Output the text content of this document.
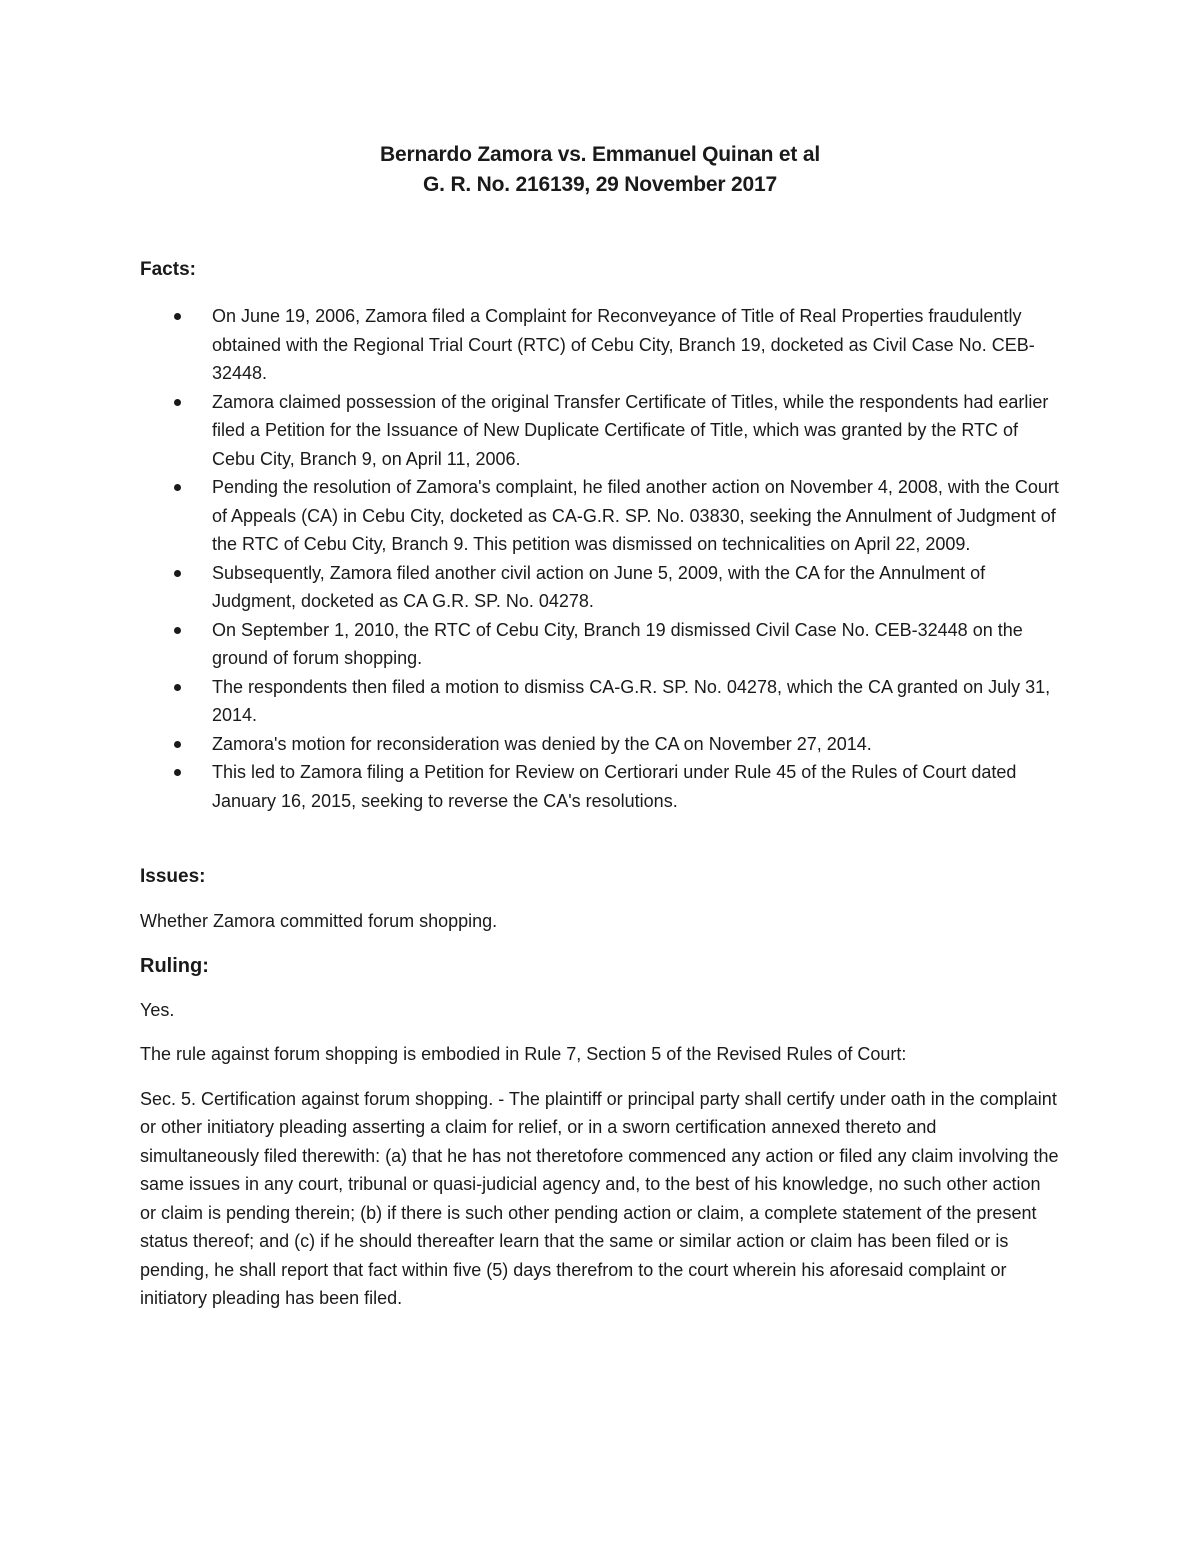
Bernardo Zamora vs. Emmanuel Quinan et al

G. R. No. 216139, 29 November 2017

Facts:

On June 19, 2006, Zamora filed a Complaint for Reconveyance of Title of Real Properties fraudulently obtained with the Regional Trial Court (RTC) of Cebu City, Branch 19, docketed as Civil Case No. CEB-32448.
Zamora claimed possession of the original Transfer Certificate of Titles, while the respondents had earlier filed a Petition for the Issuance of New Duplicate Certificate of Title, which was granted by the RTC of Cebu City, Branch 9, on April 11, 2006.
Pending the resolution of Zamora's complaint, he filed another action on November 4, 2008, with the Court of Appeals (CA) in Cebu City, docketed as CA-G.R. SP. No. 03830, seeking the Annulment of Judgment of the RTC of Cebu City, Branch 9. This petition was dismissed on technicalities on April 22, 2009.
Subsequently, Zamora filed another civil action on June 5, 2009, with the CA for the Annulment of Judgment, docketed as CA G.R. SP. No. 04278.
On September 1, 2010, the RTC of Cebu City, Branch 19 dismissed Civil Case No. CEB-32448 on the ground of forum shopping.
The respondents then filed a motion to dismiss CA-G.R. SP. No. 04278, which the CA granted on July 31, 2014.
Zamora's motion for reconsideration was denied by the CA on November 27, 2014.
This led to Zamora filing a Petition for Review on Certiorari under Rule 45 of the Rules of Court dated January 16, 2015, seeking to reverse the CA's resolutions.

Issues:

Whether Zamora committed forum shopping.

Ruling:

Yes.

The rule against forum shopping is embodied in Rule 7, Section 5 of the Revised Rules of Court:

Sec. 5. Certification against forum shopping. - The plaintiff or principal party shall certify under oath in the complaint or other initiatory pleading asserting a claim for relief, or in a sworn certification annexed thereto and simultaneously filed therewith: (a) that he has not theretofore commenced any action or filed any claim involving the same issues in any court, tribunal or quasi-judicial agency and, to the best of his knowledge, no such other action or claim is pending therein; (b) if there is such other pending action or claim, a complete statement of the present status thereof; and (c) if he should thereafter learn that the same or similar action or claim has been filed or is pending, he shall report that fact within five (5) days therefrom to the court wherein his aforesaid complaint or initiatory pleading has been filed.
